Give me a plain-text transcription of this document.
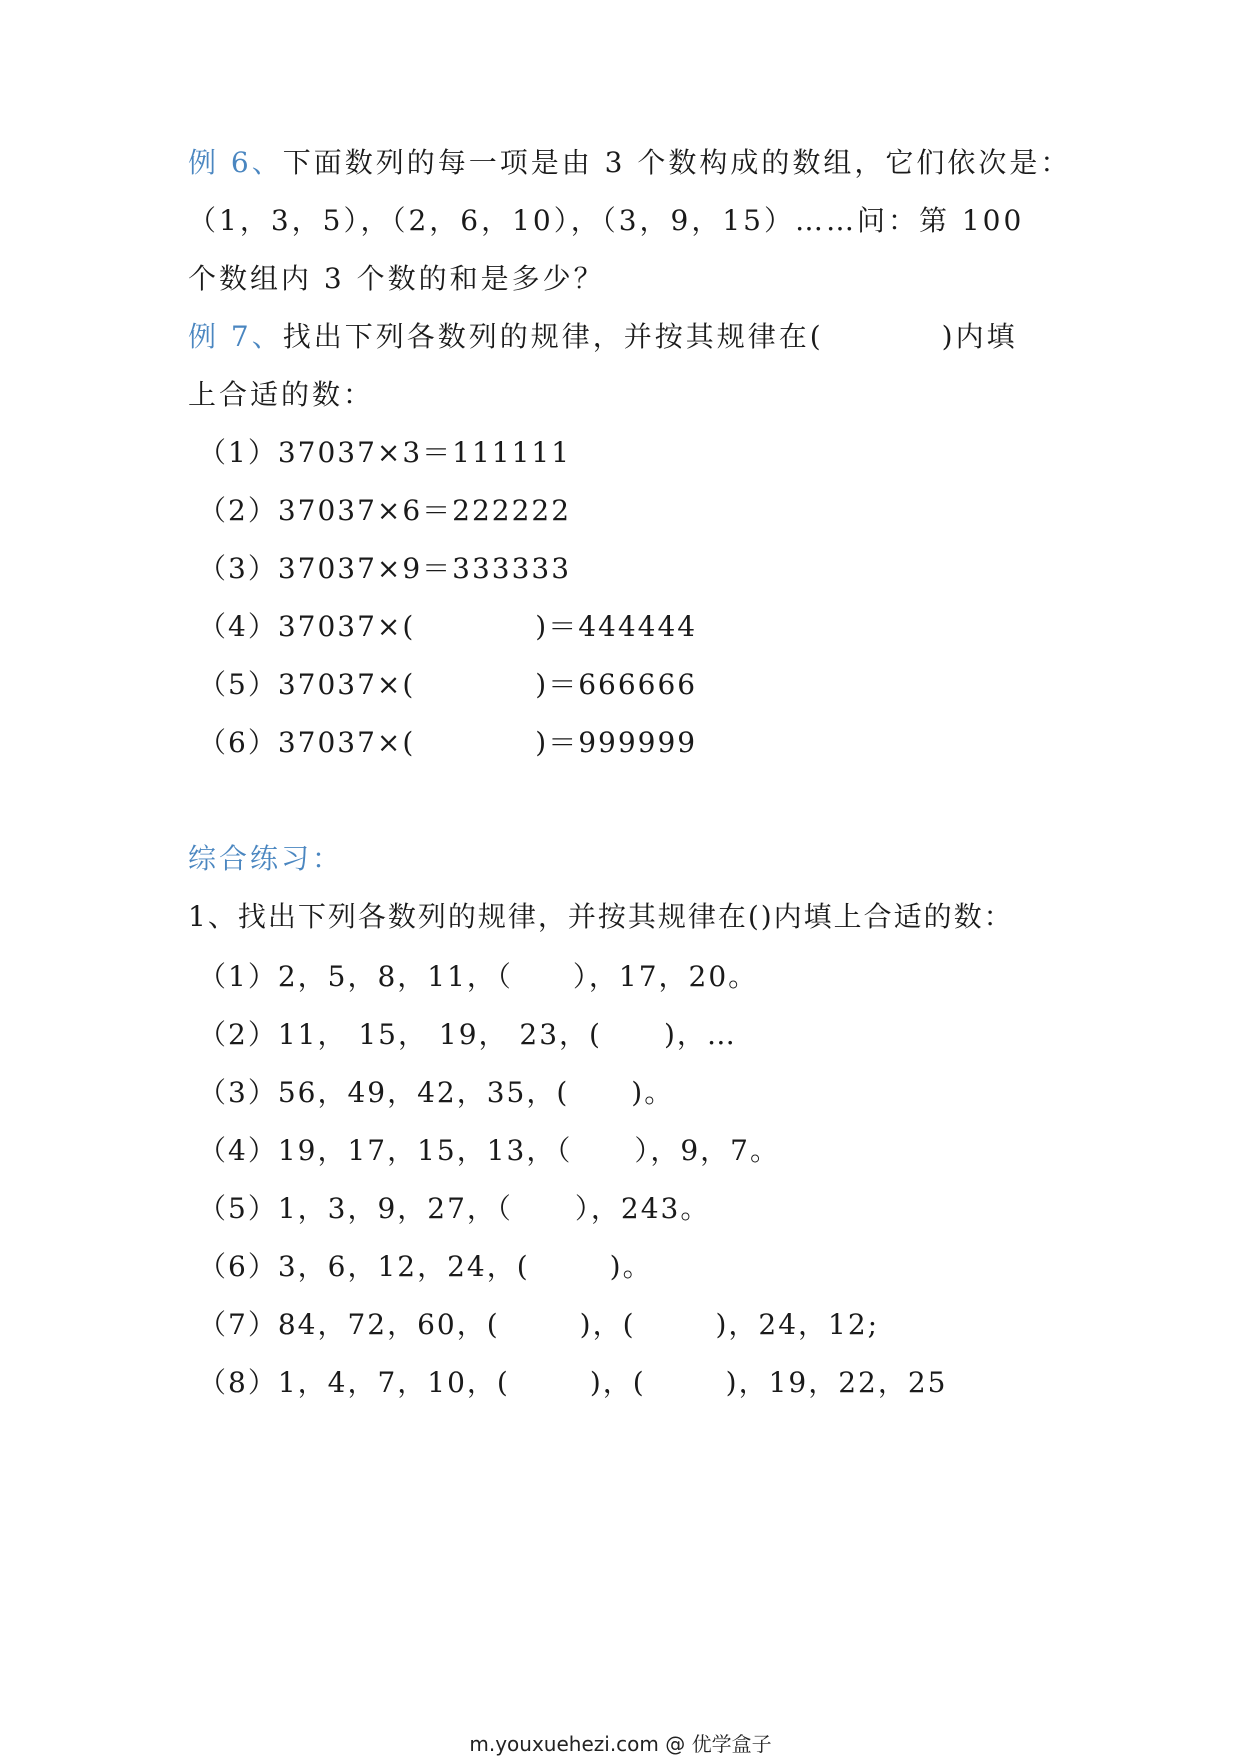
例 6、下面数列的每一项是由 3 个数构成的数组，它们依次是：

（1，3，5），（2，6，10），（3，9，15）……问：第 100

个数组内 3 个数的和是多少？

例 7、找出下列各数列的规律，并按其规律在(	)内填

上合适的数：

（1）37037×3＝111111

（2）37037×6＝222222

（3）37037×9＝333333

（4）37037×(	)＝444444

（5）37037×(	)＝666666

（6）37037×(	)＝999999

综合练习：

1、找出下列各数列的规律，并按其规律在()内填上合适的数：

（1）2，5，8，11，（ ），17，20。

（2）11， 15， 19， 23，( )，…

（3）56，49，42，35，( )。

（4）19，17，15，13，（ ），9，7。

（5）1，3，9，27，（ ），243。

（6）3，6，12，24，(	)。

（7）84，72，60，(	)，(	)，24，12;

（8）1，4，7，10，(	)，(	)，19，22，25

m.youxuehezi.com @ 优学盒子
